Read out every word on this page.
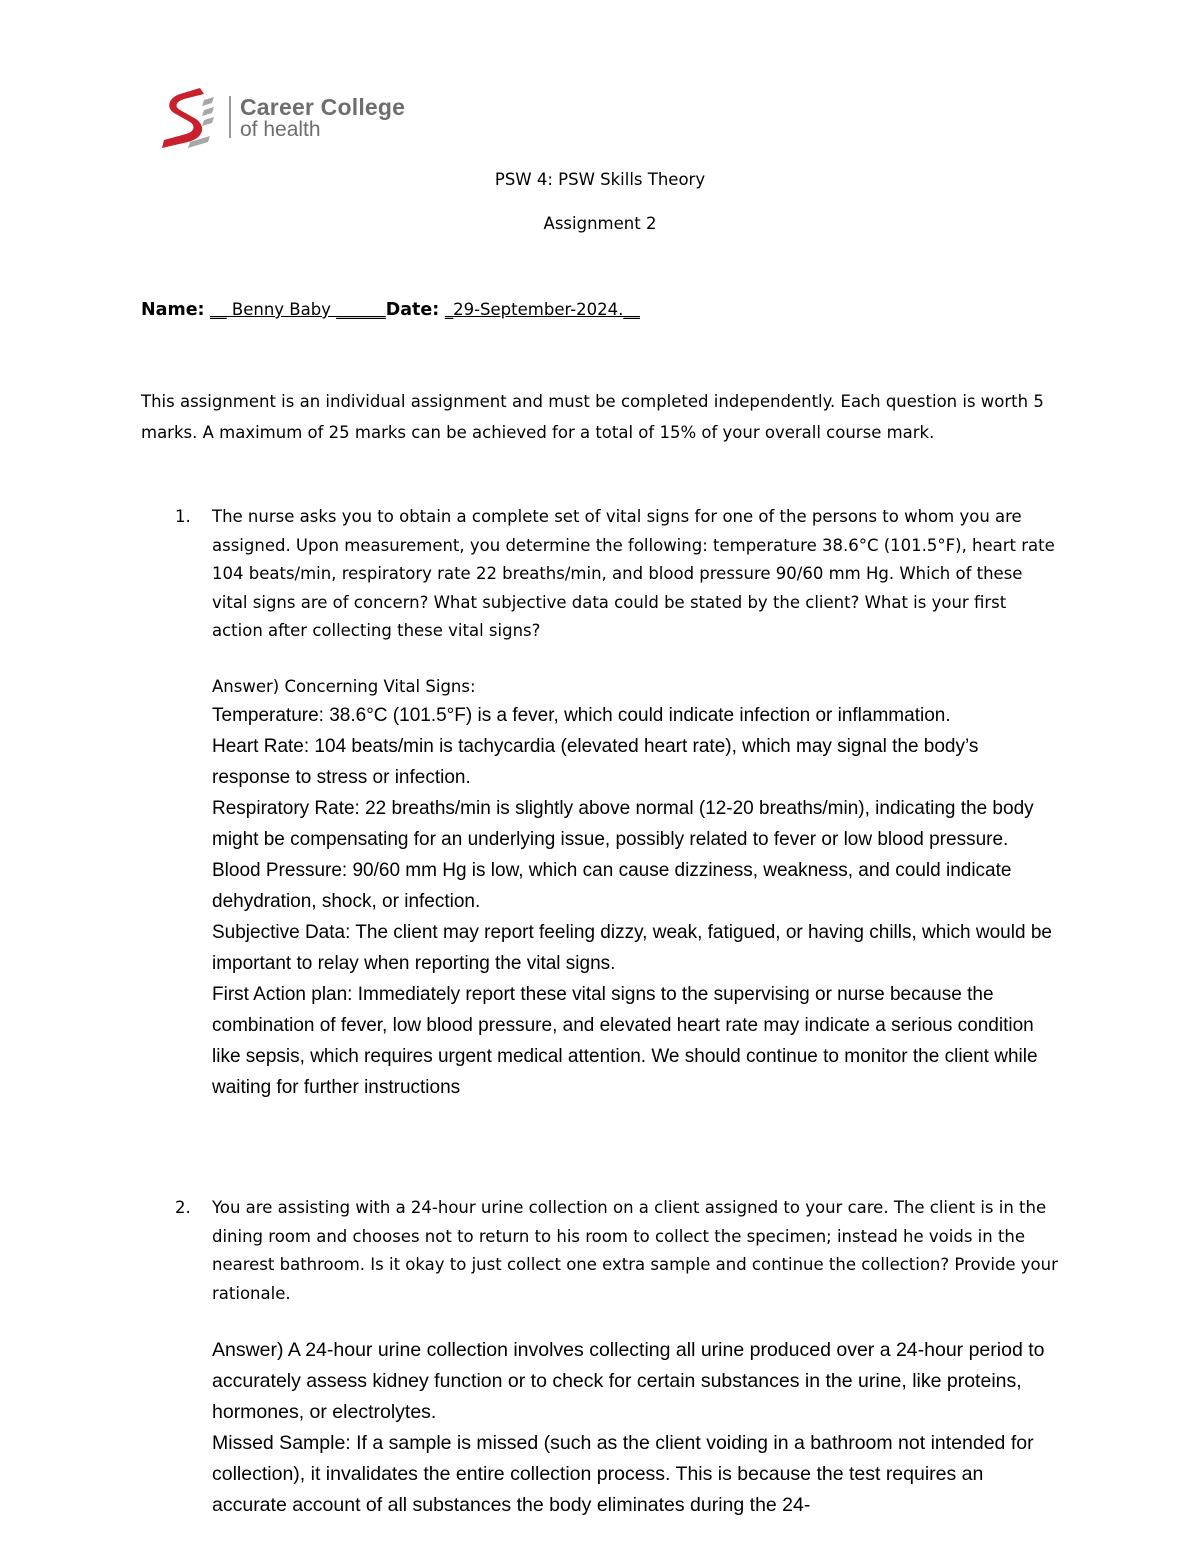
Career College
of health
PSW 4: PSW Skills Theory
Assignment 2
Name: __ Benny Baby ______Date: _29-September-2024.__
This assignment is an individual assignment and must be completed independently. Each question is worth 5 marks. A maximum of 25 marks can be achieved for a total of 15% of your overall course mark.
1. The nurse asks you to obtain a complete set of vital signs for one of the persons to whom you are assigned. Upon measurement, you determine the following: temperature 38.6°C (101.5°F), heart rate 104 beats/min, respiratory rate 22 breaths/min, and blood pressure 90/60 mm Hg. Which of these vital signs are of concern? What subjective data could be stated by the client? What is your first action after collecting these vital signs?
Answer) Concerning Vital Signs:

Temperature: 38.6°C (101.5°F) is a fever, which could indicate infection or inflammation.

Heart Rate: 104 beats/min is tachycardia (elevated heart rate), which may signal the body’s response to stress or infection.

Respiratory Rate: 22 breaths/min is slightly above normal (12-20 breaths/min), indicating the body might be compensating for an underlying issue, possibly related to fever or low blood pressure.

Blood Pressure: 90/60 mm Hg is low, which can cause dizziness, weakness, and could indicate dehydration, shock, or infection.

Subjective Data: The client may report feeling dizzy, weak, fatigued, or having chills, which would be important to relay when reporting the vital signs.

First Action plan: Immediately report these vital signs to the supervising or nurse because the combination of fever, low blood pressure, and elevated heart rate may indicate a serious condition like sepsis, which requires urgent medical attention. We should continue to monitor the client while waiting for further instructions

2. You are assisting with a 24-hour urine collection on a client assigned to your care. The client is in the dining room and chooses not to return to his room to collect the specimen; instead he voids in the nearest bathroom. Is it okay to just collect one extra sample and continue the collection? Provide your rationale.

Answer) A 24-hour urine collection involves collecting all urine produced over a 24-hour period to accurately assess kidney function or to check for certain substances in the urine, like proteins, hormones, or electrolytes.

Missed Sample: If a sample is missed (such as the client voiding in a bathroom not intended for collection), it invalidates the entire collection process. This is because the test requires an accurate account of all substances the body eliminates during the 24-
